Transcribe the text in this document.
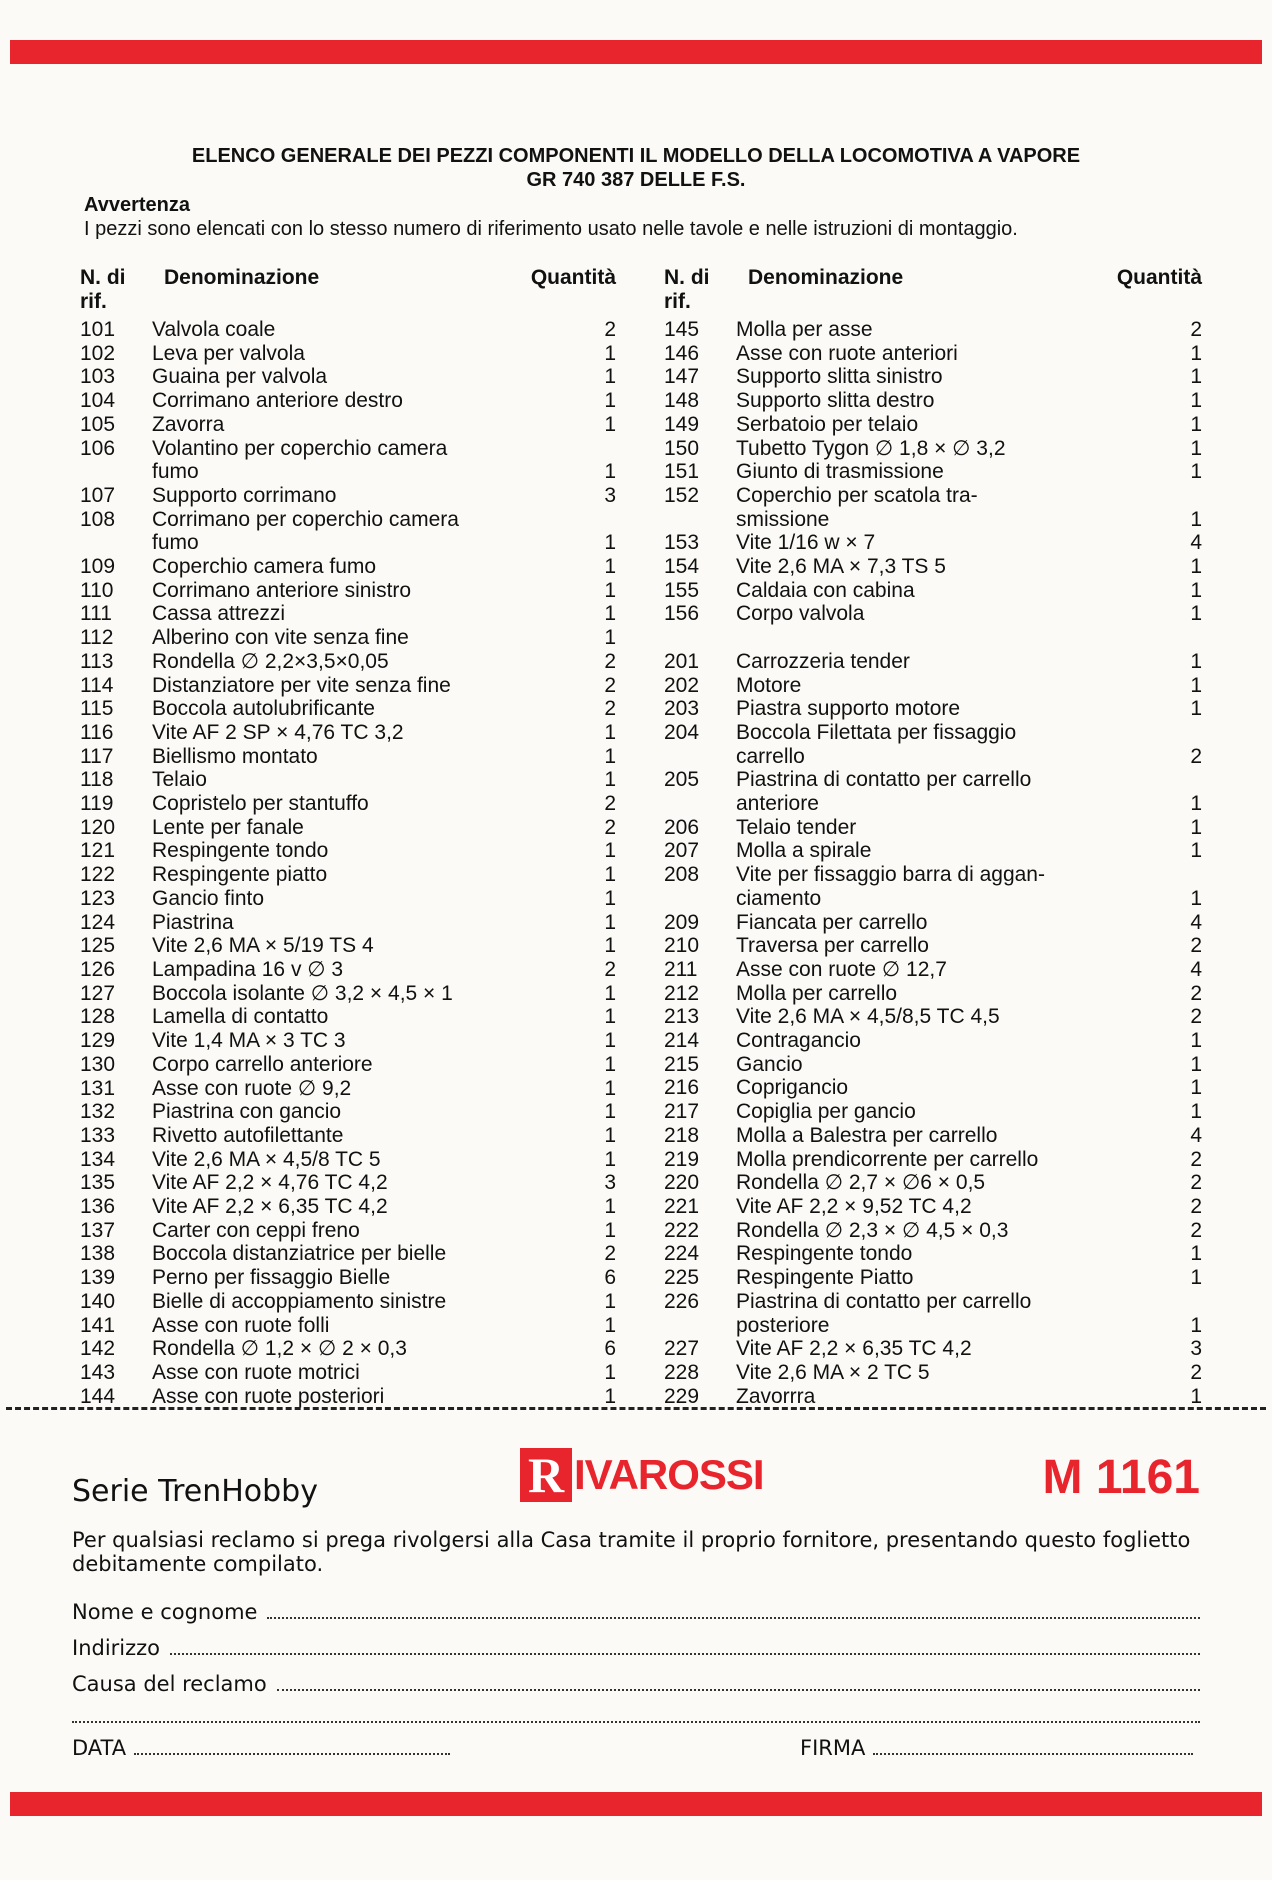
ELENCO GENERALE DEI PEZZI COMPONENTI IL MODELLO DELLA LOCOMOTIVA A VAPORE
GR 740 387 DELLE F.S.
Avvertenza
I pezzi sono elencati con lo stesso numero di riferimento usato nelle tavole e nelle istruzioni di montaggio.
N. di rif.	Denominazione	Quantità
101	Valvola coale	2
102	Leva per valvola	1
103	Guaina per valvola	1
104	Corrimano anteriore destro	1
105	Zavorra	1
106	Volantino per coperchio camera	
	fumo	1
107	Supporto corrimano	3
108	Corrimano per coperchio camera	
	fumo	1
109	Coperchio camera fumo	1
110	Corrimano anteriore sinistro	1
111	Cassa attrezzi	1
112	Alberino con vite senza fine	1
113	Rondella ∅ 2,2×3,5×0,05	2
114	Distanziatore per vite senza fine	2
115	Boccola autolubrificante	2
116	Vite AF 2 SP × 4,76 TC 3,2	1
117	Biellismo montato	1
118	Telaio	1
119	Copristelo per stantuffo	2
120	Lente per fanale	2
121	Respingente tondo	1
122	Respingente piatto	1
123	Gancio finto	1
124	Piastrina	1
125	Vite 2,6 MA × 5/19 TS 4	1
126	Lampadina 16 v ∅ 3	2
127	Boccola isolante ∅ 3,2 × 4,5 × 1	1
128	Lamella di contatto	1
129	Vite 1,4 MA × 3 TC 3	1
130	Corpo carrello anteriore	1
131	Asse con ruote ∅ 9,2	1
132	Piastrina con gancio	1
133	Rivetto autofilettante	1
134	Vite 2,6 MA × 4,5/8 TC 5	1
135	Vite AF 2,2 × 4,76 TC 4,2	3
136	Vite AF 2,2 × 6,35 TC 4,2	1
137	Carter con ceppi freno	1
138	Boccola distanziatrice per bielle	2
139	Perno per fissaggio Bielle	6
140	Bielle di accoppiamento sinistre	1
141	Asse con ruote folli	1
142	Rondella ∅ 1,2 × ∅ 2 × 0,3	6
143	Asse con ruote motrici	1
144	Asse con ruote posteriori	1
N. di rif.	Denominazione	Quantità
145	Molla per asse	2
146	Asse con ruote anteriori	1
147	Supporto slitta sinistro	1
148	Supporto slitta destro	1
149	Serbatoio per telaio	1
150	Tubetto Tygon ∅ 1,8 × ∅ 3,2	1
151	Giunto di trasmissione	1
152	Coperchio per scatola tra-	
	smissione	1
153	Vite 1/16 w × 7	4
154	Vite 2,6 MA × 7,3 TS 5	1
155	Caldaia con cabina	1
156	Corpo valvola	1

201	Carrozzeria tender	1
202	Motore	1
203	Piastra supporto motore	1
204	Boccola Filettata per fissaggio	
	carrello	2
205	Piastrina di contatto per carrello	
	anteriore	1
206	Telaio tender	1
207	Molla a spirale	1
208	Vite per fissaggio barra di aggan-	
	ciamento	1
209	Fiancata per carrello	4
210	Traversa per carrello	2
211	Asse con ruote ∅ 12,7	4
212	Molla per carrello	2
213	Vite 2,6 MA × 4,5/8,5 TC 4,5	2
214	Contragancio	1
215	Gancio	1
216	Coprigancio	1
217	Copiglia per gancio	1
218	Molla a Balestra per carrello	4
219	Molla prendicorrente per carrello	2
220	Rondella ∅ 2,7 × ∅6 × 0,5	2
221	Vite AF 2,2 × 9,52 TC 4,2	2
222	Rondella ∅ 2,3 × ∅ 4,5 × 0,3	2
224	Respingente tondo	1
225	Respingente Piatto	1
226	Piastrina di contatto per carrello	
	posteriore	1
227	Vite AF 2,2 × 6,35 TC 4,2	3
228	Vite 2,6 MA × 2 TC 5	2
229	Zavorrra	1
Serie TrenHobby	R IVAROSSI	M 1161
Per qualsiasi reclamo si prega rivolgersi alla Casa tramite il proprio fornitore, presentando questo foglietto debitamente compilato.
Nome e cognome
Indirizzo
Causa del reclamo
DATA	FIRMA
